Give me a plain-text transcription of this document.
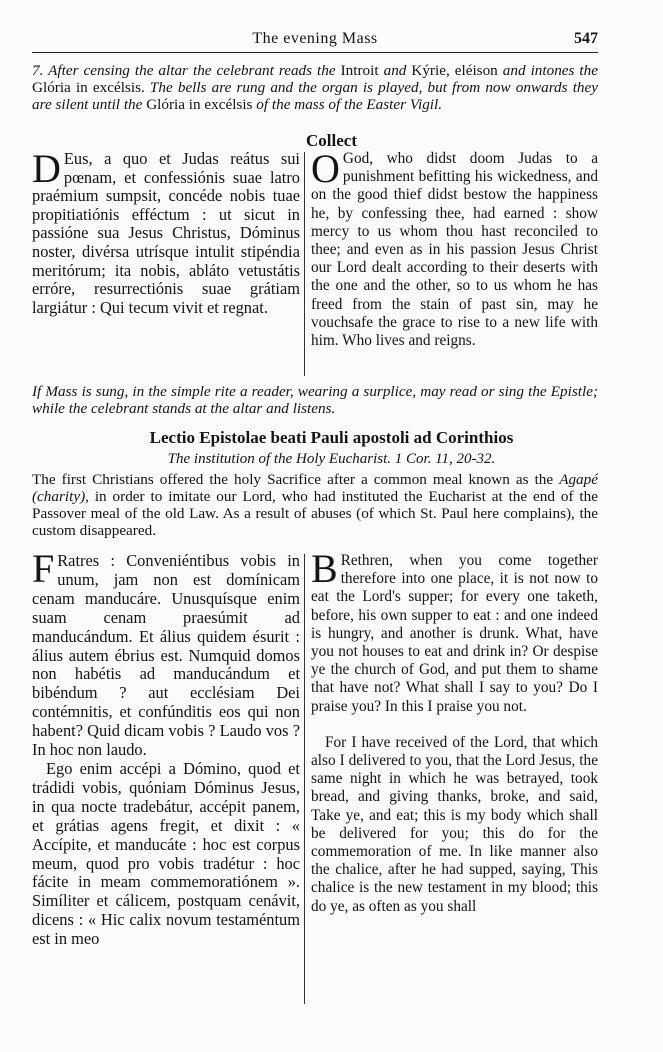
The evening Mass	547
7. After censing the altar the celebrant reads the Introit and Kýrie, eléison and intones the Glória in excélsis. The bells are rung and the organ is played, but from now onwards they are silent until the Glória in excélsis of the mass of the Easter Vigil.
Collect
D Eus, a quo et Judas reátus sui pœnam, et confessiónis suae latro praémium sumpsit, concéde nobis tuae propitiatiónis efféctum : ut sicut in passióne sua Jesus Christus, Dóminus noster, divérsa utrísque intulit stipéndia meritórum; ita nobis, abláto vetustátis erróre, resurrectiónis suae grátiam largiátur : Qui tecum vivit et regnat.
O God, who didst doom Judas to a punishment befitting his wickedness, and on the good thief didst bestow the happiness he, by confessing thee, had earned : show mercy to us whom thou hast reconciled to thee; and even as in his passion Jesus Christ our Lord dealt according to their deserts with the one and the other, so to us whom he has freed from the stain of past sin, may he vouchsafe the grace to rise to a new life with him. Who lives and reigns.
If Mass is sung, in the simple rite a reader, wearing a surplice, may read or sing the Epistle; while the celebrant stands at the altar and listens.
Lectio Epistolae beati Pauli apostoli ad Corinthios
The institution of the Holy Eucharist. 1 Cor. 11, 20-32.
The first Christians offered the holy Sacrifice after a common meal known as the Agapé (charity), in order to imitate our Lord, who had instituted the Eucharist at the end of the Passover meal of the old Law. As a result of abuses (of which St. Paul here complains), the custom disappeared.

F Ratres : Conveniéntibus vobis in unum, jam non est domínicam cenam manducáre. Unusquísque enim suam cenam praesúmit ad manducándum. Et álius quidem ésurit : álius autem ébrius est. Numquid domos non habétis ad manducándum et bibéndum ? aut ecclésiam Dei contémnitis, et confúnditis eos qui non habent? Quid dicam vobis ? Laudo vos ? In hoc non laudo.

Ego enim accépi a Dómino, quod et trádidi vobis, quóniam Dóminus Jesus, in qua nocte tradebátur, accépit panem, et grátias agens fregit, et dixit : « Accípite, et manducáte : hoc est corpus meum, quod pro vobis tradétur : hoc fácite in meam commemoratiónem ». Simíliter et cálicem, postquam cenávit, dicens : « Hic calix novum testaméntum est in meo

B Rethren, when you come together therefore into one place, it is not now to eat the Lord's supper; for every one taketh, before, his own supper to eat : and one indeed is hungry, and another is drunk. What, have you not houses to eat and drink in? Or despise ye the church of God, and put them to shame that have not? What shall I say to you? Do I praise you? In this I praise you not.

For I have received of the Lord, that which also I delivered to you, that the Lord Jesus, the same night in which he was betrayed, took bread, and giving thanks, broke, and said, Take ye, and eat; this is my body which shall be delivered for you; this do for the commemoration of me. In like manner also the chalice, after he had supped, saying, This chalice is the new testament in my blood; this do ye, as often as you shall
